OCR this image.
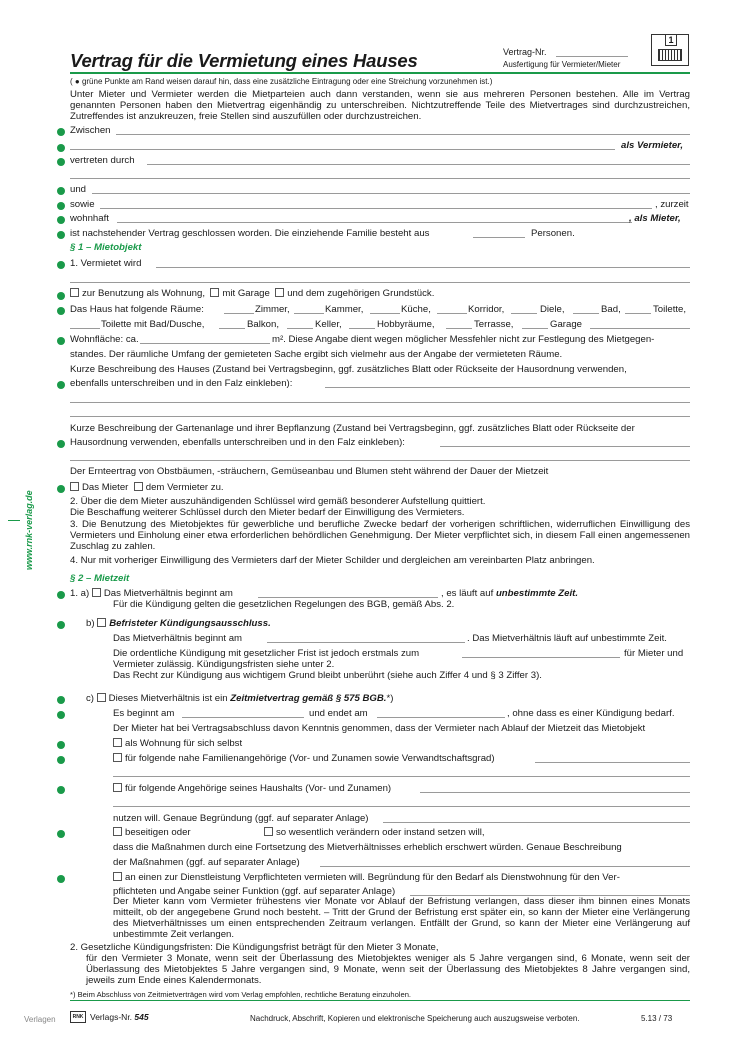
Vertrag für die Vermietung eines Hauses	Vertrag-Nr.
Ausfertigung für Vermieter/Mieter
1
( ● grüne Punkte am Rand weisen darauf hin, dass eine zusätzliche Eintragung oder eine Streichung vorzunehmen ist.)
Unter Mieter und Vermieter werden die Mietparteien auch dann verstanden, wenn sie aus mehreren Personen bestehen. Alle im Vertrag genannten Personen haben den Mietvertrag eigenhändig zu unterschreiben. Nichtzutreffende Teile des Mietvertrages sind durchzustreichen, Zutreffendes ist anzukreuzen, freie Stellen sind auszufüllen oder durchzustreichen.
Zwischen
als Vermieter,
vertreten durch
und
sowie	, zurzeit
wohnhaft	, als Mieter,
ist nachstehender Vertrag geschlossen worden. Die einziehende Familie besteht aus	Personen.
§ 1 – Mietobjekt
1. Vermietet wird
zur Benutzung als Wohnung, mit Garage und dem zugehörigen Grundstück.
Das Haus hat folgende Räume:	Zimmer,	Kammer,	Küche,	Korridor,	Diele,	Bad,	Toilette,
Toilette mit Bad/Dusche,	Balkon,	Keller,	Hobbyräume,	Terrasse,	Garage
Wohnfläche: ca.	m². Diese Angabe dient wegen möglicher Messfehler nicht zur Festlegung des Mietgegen-
standes. Der räumliche Umfang der gemieteten Sache ergibt sich vielmehr aus der Angabe der vermieteten Räume.
Kurze Beschreibung des Hauses (Zustand bei Vertragsbeginn, ggf. zusätzliches Blatt oder Rückseite der Hausordnung verwenden,
ebenfalls unterschreiben und in den Falz einkleben):
Kurze Beschreibung der Gartenanlage und ihrer Bepflanzung (Zustand bei Vertragsbeginn, ggf. zusätzliches Blatt oder Rückseite der
Hausordnung verwenden, ebenfalls unterschreiben und in den Falz einkleben):
Der Ernteertrag von Obstbäumen, -sträuchern, Gemüseanbau und Blumen steht während der Dauer der Mietzeit
Das Mieter dem Vermieter zu.
2. Über die dem Mieter auszuhändigenden Schlüssel wird gemäß besonderer Aufstellung quittiert.
Die Beschaffung weiterer Schlüssel durch den Mieter bedarf der Einwilligung des Vermieters.
3. Die Benutzung des Mietobjektes für gewerbliche und berufliche Zwecke bedarf der vorherigen schriftlichen, widerruflichen Einwilligung des Vermieters und Einholung einer etwa erforderlichen behördlichen Genehmigung. Der Mieter verpflichtet sich, in diesem Fall einen angemessenen Zuschlag zu zahlen.
4. Nur mit vorheriger Einwilligung des Vermieters darf der Mieter Schilder und dergleichen am vereinbarten Platz anbringen.
§ 2 – Mietzeit
1. a) Das Mietverhältnis beginnt am	, es läuft auf unbestimmte Zeit.
Für die Kündigung gelten die gesetzlichen Regelungen des BGB, gemäß Abs. 2.
b) Befristeter Kündigungsausschluss.
Das Mietverhältnis beginnt am	. Das Mietverhältnis läuft auf unbestimmte Zeit.
Die ordentliche Kündigung mit gesetzlicher Frist ist jedoch erstmals zum	für Mieter und
Vermieter zulässig. Kündigungsfristen siehe unter 2.
Das Recht zur Kündigung aus wichtigem Grund bleibt unberührt (siehe auch Ziffer 4 und § 3 Ziffer 3).
c) Dieses Mietverhältnis ist ein Zeitmietvertrag gemäß § 575 BGB.*)
Es beginnt am	und endet am	, ohne dass es einer Kündigung bedarf.
Der Mieter hat bei Vertragsabschluss davon Kenntnis genommen, dass der Vermieter nach Ablauf der Mietzeit das Mietobjekt
als Wohnung für sich selbst
für folgende nahe Familienangehörige (Vor- und Zunamen sowie Verwandtschaftsgrad)
für folgende Angehörige seines Haushalts (Vor- und Zunamen)
nutzen will. Genaue Begründung (ggf. auf separater Anlage)
beseitigen oder	so wesentlich verändern oder instand setzen will,
dass die Maßnahmen durch eine Fortsetzung des Mietverhältnisses erheblich erschwert würden. Genaue Beschreibung
der Maßnahmen (ggf. auf separater Anlage)
an einen zur Dienstleistung Verpflichteten vermieten will. Begründung für den Bedarf als Dienstwohnung für den Ver-
pflichteten und Angabe seiner Funktion (ggf. auf separater Anlage)
Der Mieter kann vom Vermieter frühestens vier Monate vor Ablauf der Befristung verlangen, dass dieser ihm binnen eines Monats mitteilt, ob der angegebene Grund noch besteht. – Tritt der Grund der Befristung erst später ein, so kann der Mieter eine Verlängerung des Mietverhältnisses um einen entsprechenden Zeitraum verlangen. Entfällt der Grund, so kann der Mieter eine Verlängerung auf unbestimmte Zeit verlangen.
2. Gesetzliche Kündigungsfristen: Die Kündigungsfrist beträgt für den Mieter 3 Monate,
für den Vermieter 3 Monate, wenn seit der Überlassung des Mietobjektes weniger als 5 Jahre vergangen sind, 6 Monate, wenn seit der Überlassung des Mietobjektes 5 Jahre vergangen sind, 9 Monate, wenn seit der Überlassung des Mietobjektes 8 Jahre vergangen sind, jeweils zum Ende eines Kalendermonats.
*) Beim Abschluss von Zeitmietverträgen wird vom Verlag empfohlen, rechtliche Beratung einzuholen.
Verlagen	RNK Verlags-Nr. 545	Nachdruck, Abschrift, Kopieren und elektronische Speicherung auch auszugsweise verboten.	5.13 / 73
www.rnk-verlag.de
